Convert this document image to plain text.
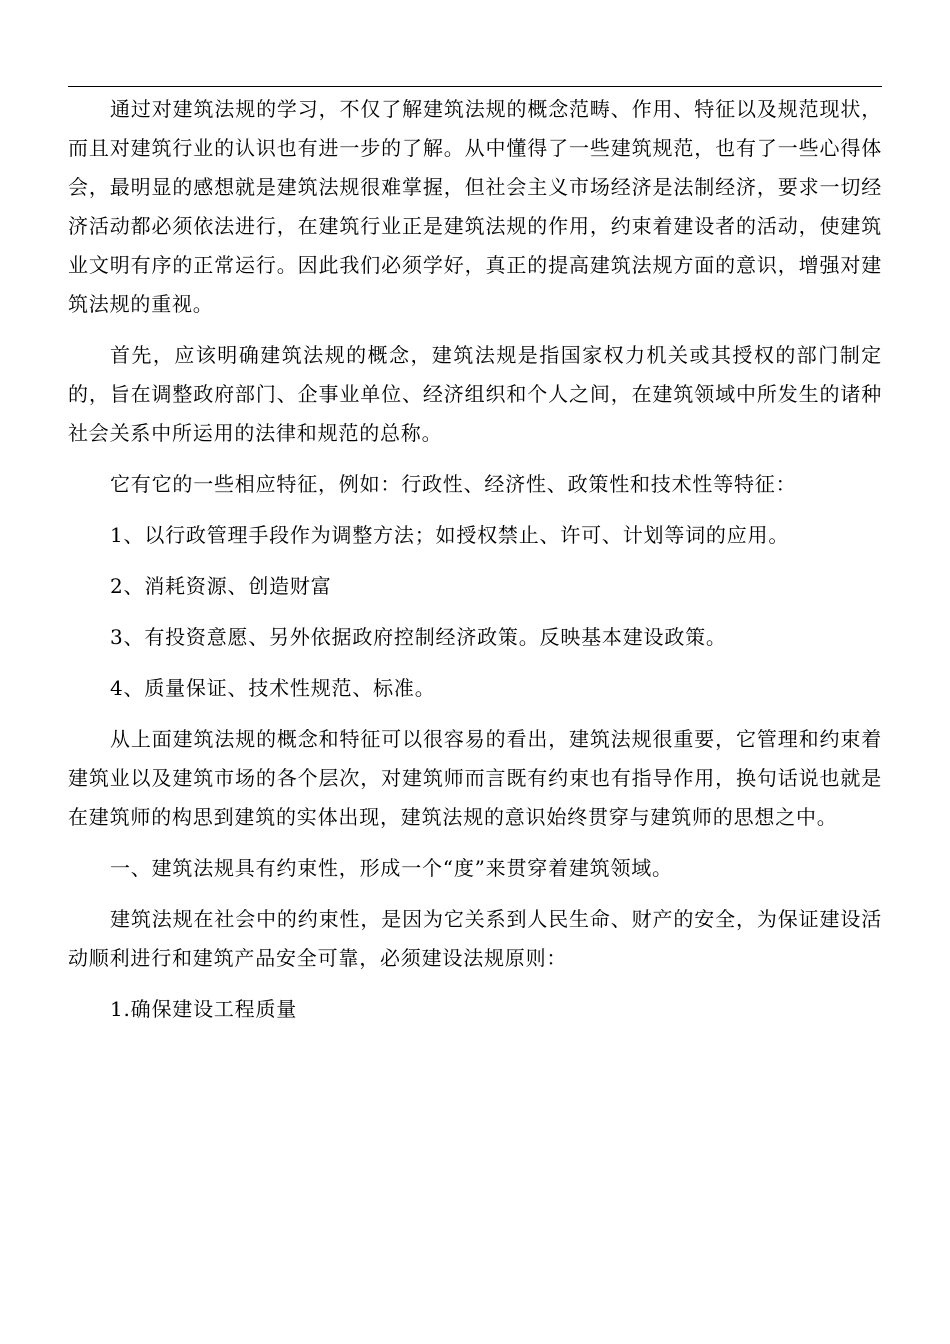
通过对建筑法规的学习，不仅了解建筑法规的概念范畴、作用、特征以及规范现状，而且对建筑行业的认识也有进一步的了解。从中懂得了一些建筑规范，也有了一些心得体会，最明显的感想就是建筑法规很难掌握，但社会主义市场经济是法制经济，要求一切经济活动都必须依法进行，在建筑行业正是建筑法规的作用，约束着建设者的活动，使建筑业文明有序的正常运行。因此我们必须学好，真正的提高建筑法规方面的意识，增强对建筑法规的重视。

首先，应该明确建筑法规的概念，建筑法规是指国家权力机关或其授权的部门制定的，旨在调整政府部门、企事业单位、经济组织和个人之间，在建筑领域中所发生的诸种社会关系中所运用的法律和规范的总称。

它有它的一些相应特征，例如：行政性、经济性、政策性和技术性等特征：

1、以行政管理手段作为调整方法；如授权禁止、许可、计划等词的应用。

2、消耗资源、创造财富

3、有投资意愿、另外依据政府控制经济政策。反映基本建设政策。

4、质量保证、技术性规范、标准。

从上面建筑法规的概念和特征可以很容易的看出，建筑法规很重要，它管理和约束着建筑业以及建筑市场的各个层次，对建筑师而言既有约束也有指导作用，换句话说也就是在建筑师的构思到建筑的实体出现，建筑法规的意识始终贯穿与建筑师的思想之中。

一、建筑法规具有约束性，形成一个“度”来贯穿着建筑领域。

建筑法规在社会中的约束性，是因为它关系到人民生命、财产的安全，为保证建设活动顺利进行和建筑产品安全可靠，必须建设法规原则：

1.确保建设工程质量
